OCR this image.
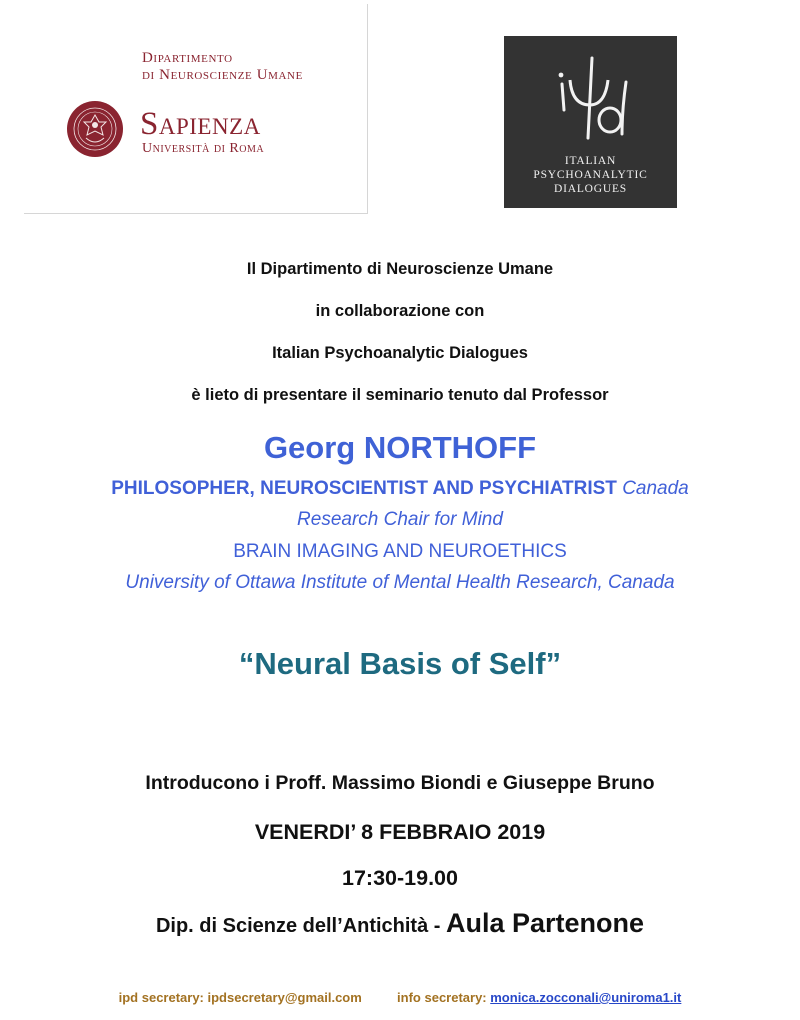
Dipartimento
di Neuroscienze Umane
Sapienza
Università di Roma
ITALIAN
PSYCHOANALYTIC
DIALOGUES
Il Dipartimento di Neuroscienze Umane
in collaborazione con
Italian Psychoanalytic Dialogues
è lieto di presentare il seminario tenuto dal Professor
Georg NORTHOFF
PHILOSOPHER, NEUROSCIENTIST AND PSYCHIATRIST Canada
Research Chair for Mind
BRAIN IMAGING AND NEUROETHICS
University of Ottawa Institute of Mental Health Research, Canada
“Neural Basis of Self”
Introducono i Proff. Massimo Biondi e Giuseppe Bruno
VENERDI’ 8 FEBBRAIO 2019
17:30-19.00
Dip. di Scienze dell’Antichità - Aula Partenone
ipd secretary: ipdsecretary@gmail.com	info secretary: monica.zocconali@uniroma1.it
